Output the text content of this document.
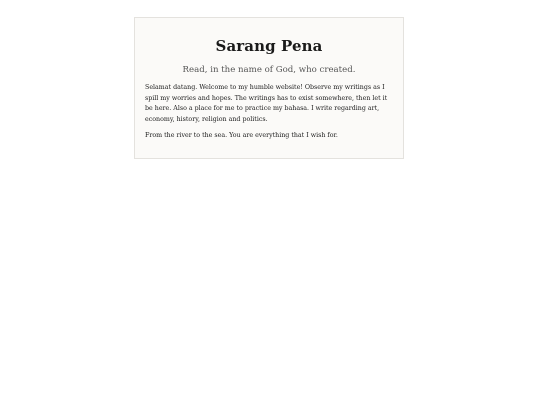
Sarang Pena

Read, in the name of God, who created.

Selamat datang. Welcome to my humble website! Observe my writings as I spill my worries and hopes. The writings has to exist somewhere, then let it be here. Also a place for me to practice my bahasa. I write regarding art, economy, history, religion and politics.

From the river to the sea. You are everything that I wish for.
